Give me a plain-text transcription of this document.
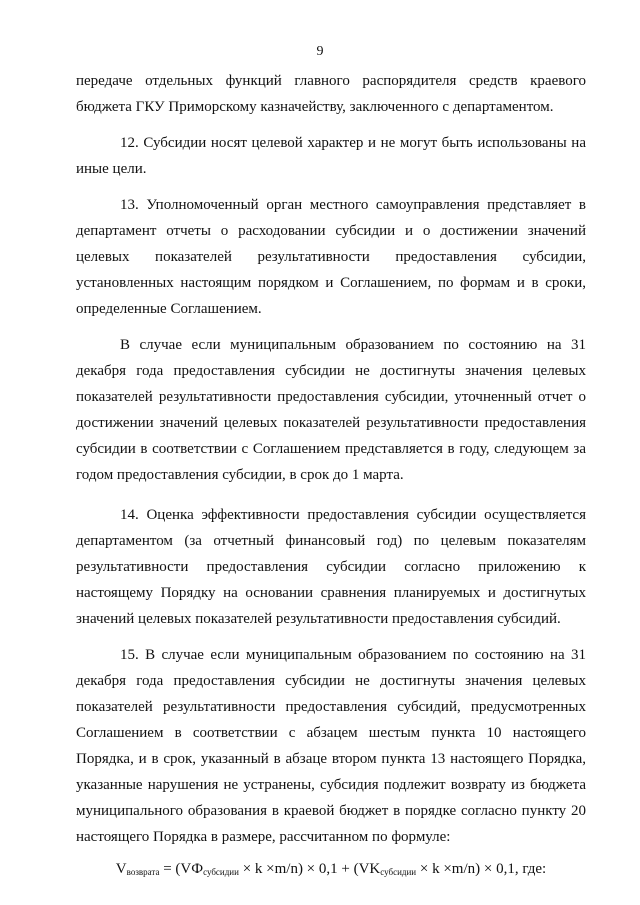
9

передаче отдельных функций главного распорядителя средств краевого бюджета ГКУ Приморскому казначейству, заключенного с департаментом.

12. Субсидии носят целевой характер и не могут быть использованы на иные цели.

13. Уполномоченный орган местного самоуправления представляет в департамент отчеты о расходовании субсидии и о достижении значений целевых показателей результативности предоставления субсидии, установленных настоящим порядком и Соглашением, по формам и в сроки, определенные Соглашением.

В случае если муниципальным образованием по состоянию на 31 декабря года предоставления субсидии не достигнуты значения целевых показателей результативности предоставления субсидии, уточненный отчет о достижении значений целевых показателей результативности предоставления субсидии в соответствии с Соглашением представляется в году, следующем за годом предоставления субсидии, в срок до 1 марта.

14. Оценка эффективности предоставления субсидии осуществляется департаментом (за отчетный финансовый год) по целевым показателям результативности предоставления субсидии согласно приложению к настоящему Порядку на основании сравнения планируемых и достигнутых значений целевых показателей результативности предоставления субсидий.

15. В случае если муниципальным образованием по состоянию на 31 декабря года предоставления субсидии не достигнуты значения целевых показателей результативности предоставления субсидий, предусмотренных Соглашением в соответствии с абзацем шестым пункта 10 настоящего Порядка, и в срок, указанный в абзаце втором пункта 13 настоящего Порядка, указанные нарушения не устранены, субсидия подлежит возврату из бюджета муниципального образования в краевой бюджет в порядке согласно пункту 20 настоящего Порядка в размере, рассчитанном по формуле:

$V_{возврата} = (VФ_{субсидии} \times k \times m/n) \times 0,1 + (VK_{субсидии} \times k \times m/n) \times 0,1$, где:
